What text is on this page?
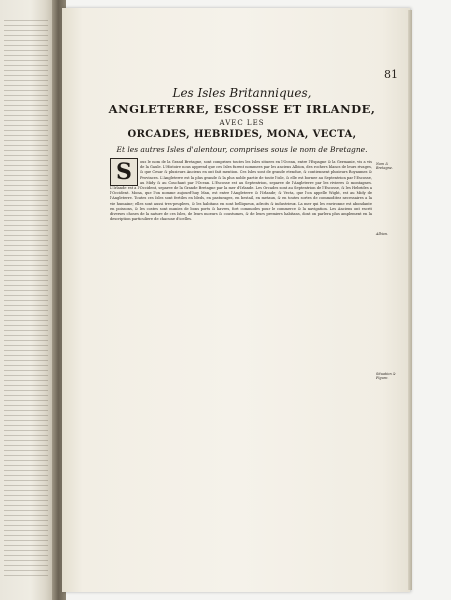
81
Les Isles Britanniques,
ANGLETERRE, ESCOSSE ET IRLANDE,
AVEC LES
ORCADES, HEBRIDES, MONA, VECTA,
Et les autres Isles d'alentour, comprises sous le nom de Bretagne.
ous le nom de la Grand Bretagne, sont comprises toutes les Isles situees en l'Ocean, entre l'Espagne & la Germanie, vis a vis de la Gaule. L'Histoire nous apprend que ces Isles furent nommees par les anciens Albion, des rochers blancs de leurs rivages, & que Cesar & plusieurs Anciens en ont fait mention. Ces Isles sont de grande etendue, & contiennent plusieurs Royaumes & Provinces. L'Angleterre est la plus grande & la plus noble partie de toute l'isle, & elle est bornee au Septentrion par l'Escosse, au Midy & au Couchant par l'Ocean. L'Escosse est au Septentrion, separee de l'Angleterre par les rivieres & montagnes. L'Irlande est a l'Occident, separee de la Grande Bretagne par la mer d'Irlande. Les Orcades sont au Septentrion de l'Escosse, & les Hebrides a l'Occident. Mona, que l'on nomme aujourd'huy Man, est entre l'Angleterre & l'Irlande; & Vecta, que l'on appelle Wight, est au Midy de l'Angleterre. Toutes ces Isles sont fertiles en bleds, en pasturages, en bestail, en metaux, & en toutes sortes de commoditez necessaires a la vie humaine; elles sont aussi tres-peuplees, & les habitans en sont belliqueux, adroits & industrieux. La mer qui les environne est abondante en poissons, & les costes sont munies de bons ports & havres, fort commodes pour le commerce & la navigation. Les Anciens ont escrit diverses choses de la nature de ces Isles, de leurs moeurs & coustumes, & de leurs premiers habitans, dont on parlera plus amplement en la description particuliere de chacune d'icelles.
S	Nom & Bretagne.
Albion.
Situation & Figure.
